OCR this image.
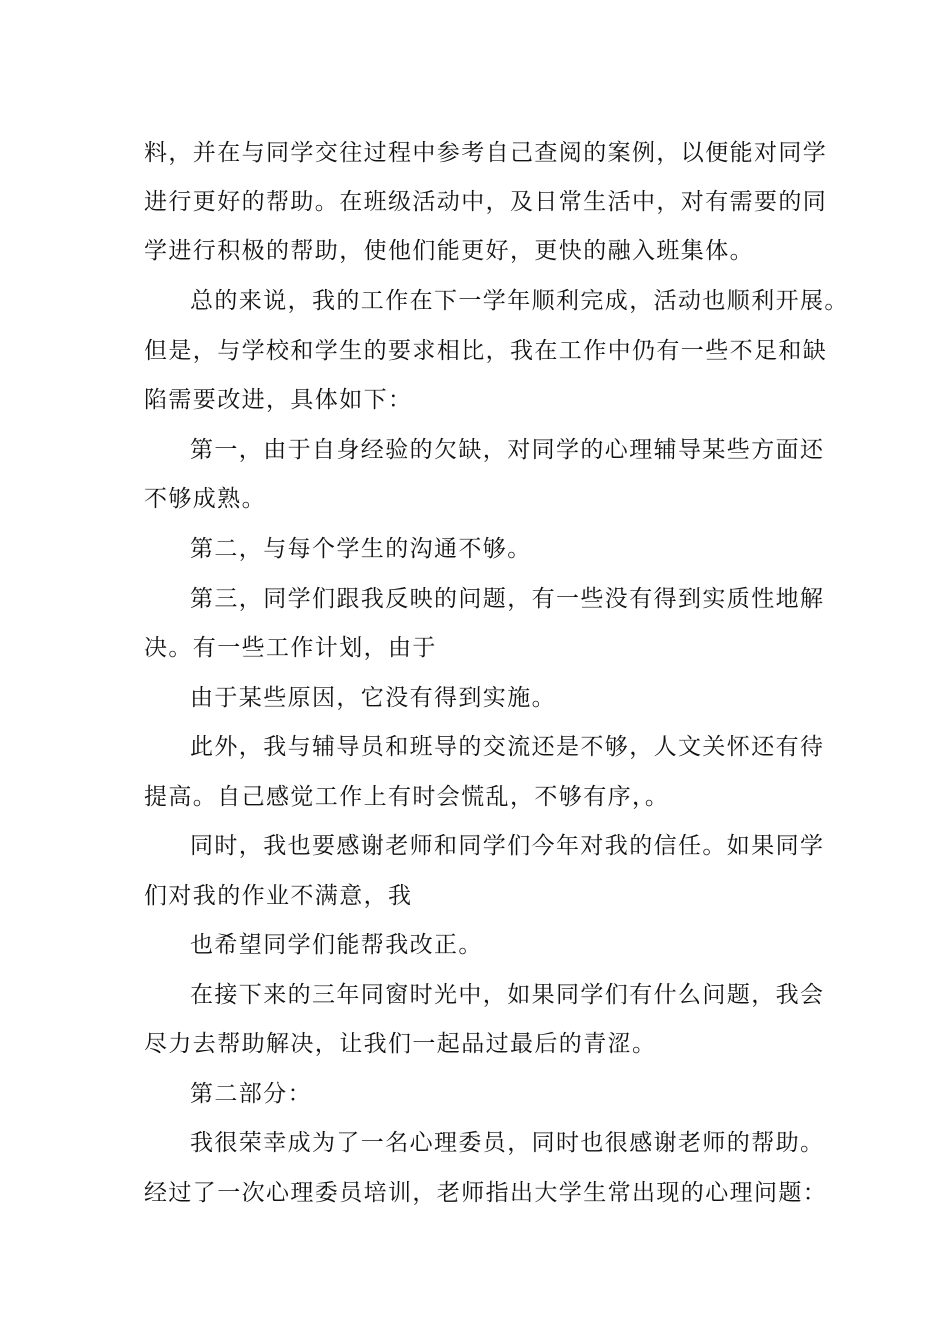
料，并在与同学交往过程中参考自己查阅的案例，以便能对同学
进行更好的帮助。在班级活动中，及日常生活中，对有需要的同
学进行积极的帮助，使他们能更好，更快的融入班集体。
总的来说，我的工作在下一学年顺利完成，活动也顺利开展。
但是，与学校和学生的要求相比，我在工作中仍有一些不足和缺
陷需要改进，具体如下：
第一，由于自身经验的欠缺，对同学的心理辅导某些方面还
不够成熟。
第二，与每个学生的沟通不够。
第三，同学们跟我反映的问题，有一些没有得到实质性地解
决。有一些工作计划，由于
由于某些原因，它没有得到实施。
此外，我与辅导员和班导的交流还是不够，人文关怀还有待
提高。自己感觉工作上有时会慌乱，不够有序，。
同时，我也要感谢老师和同学们今年对我的信任。如果同学
们对我的作业不满意，我
也希望同学们能帮我改正。
在接下来的三年同窗时光中，如果同学们有什么问题，我会
尽力去帮助解决，让我们一起品过最后的青涩。
第二部分：
我很荣幸成为了一名心理委员，同时也很感谢老师的帮助。
经过了一次心理委员培训，老师指出大学生常出现的心理问题：
